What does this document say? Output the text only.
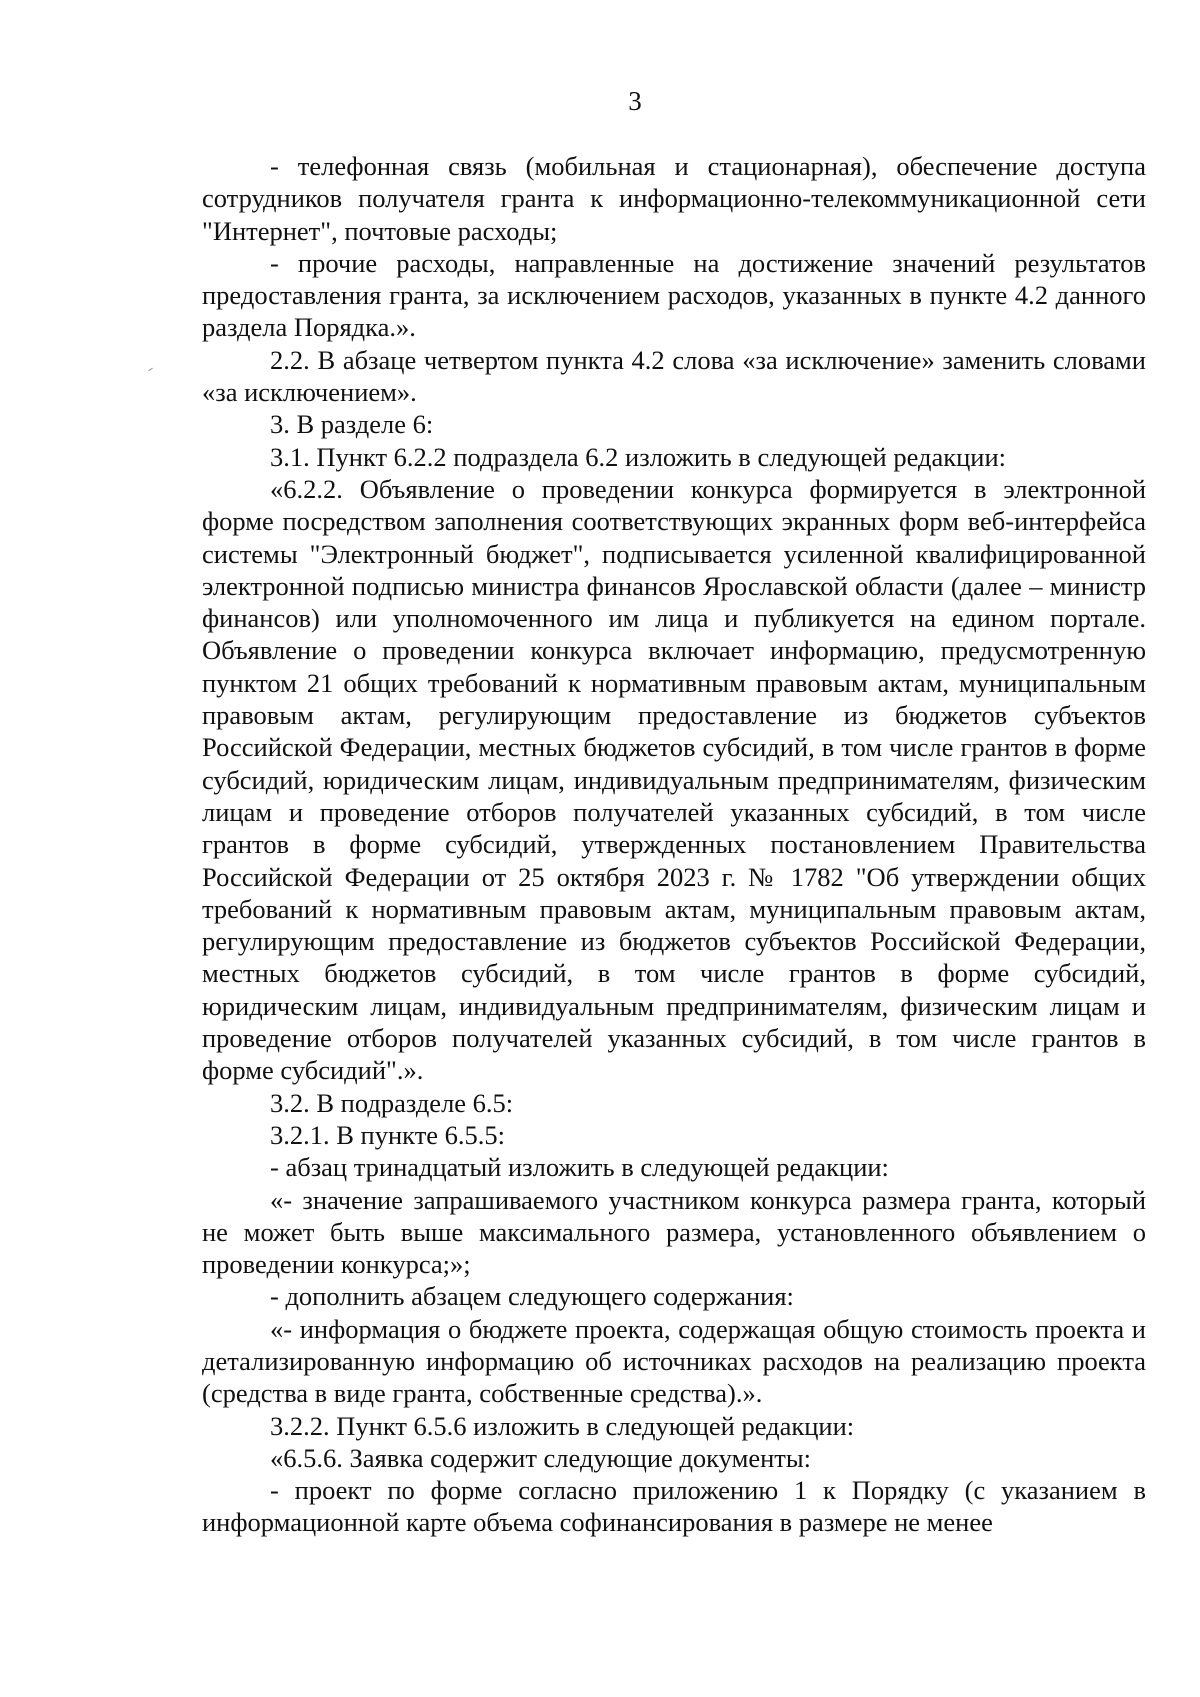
3

- телефонная связь (мобильная и стационарная), обеспечение доступа сотрудников получателя гранта к информационно-телекоммуникационной сети "Интернет", почтовые расходы;

- прочие расходы, направленные на достижение значений результатов предоставления гранта, за исключением расходов, указанных в пункте 4.2 данного раздела Порядка.».

2.2. В абзаце четвертом пункта 4.2 слова «за исключение» заменить словами «за исключением».

3. В разделе 6:

3.1. Пункт 6.2.2 подраздела 6.2 изложить в следующей редакции:

«6.2.2. Объявление о проведении конкурса формируется в электронной форме посредством заполнения соответствующих экранных форм веб-интерфейса системы "Электронный бюджет", подписывается усиленной квалифицированной электронной подписью министра финансов Ярославской области (далее – министр финансов) или уполномоченного им лица и публикуется на едином портале. Объявление о проведении конкурса включает информацию, предусмотренную пунктом 21 общих требований к нормативным правовым актам, муниципальным правовым актам, регулирующим предоставление из бюджетов субъектов Российской Федерации, местных бюджетов субсидий, в том числе грантов в форме субсидий, юридическим лицам, индивидуальным предпринимателям, физическим лицам и проведение отборов получателей указанных субсидий, в том числе грантов в форме субсидий, утвержденных постановлением Правительства Российской Федерации от 25 октября 2023 г. № 1782 "Об утверждении общих требований к нормативным правовым актам, муниципальным правовым актам, регулирующим предоставление из бюджетов субъектов Российской Федерации, местных бюджетов субсидий, в том числе грантов в форме субсидий, юридическим лицам, индивидуальным предпринимателям, физическим лицам и проведение отборов получателей указанных субсидий, в том числе грантов в форме субсидий".».

3.2. В подразделе 6.5:

3.2.1. В пункте 6.5.5:

- абзац тринадцатый изложить в следующей редакции:

«- значение запрашиваемого участником конкурса размера гранта, который не может быть выше максимального размера, установленного объявлением о проведении конкурса;»;

- дополнить абзацем следующего содержания:

«- информация о бюджете проекта, содержащая общую стоимость проекта и детализированную информацию об источниках расходов на реализацию проекта (средства в виде гранта, собственные средства).».

3.2.2. Пункт 6.5.6 изложить в следующей редакции:

«6.5.6. Заявка содержит следующие документы:

- проект по форме согласно приложению 1 к Порядку (с указанием в информационной карте объема софинансирования в размере не менее
